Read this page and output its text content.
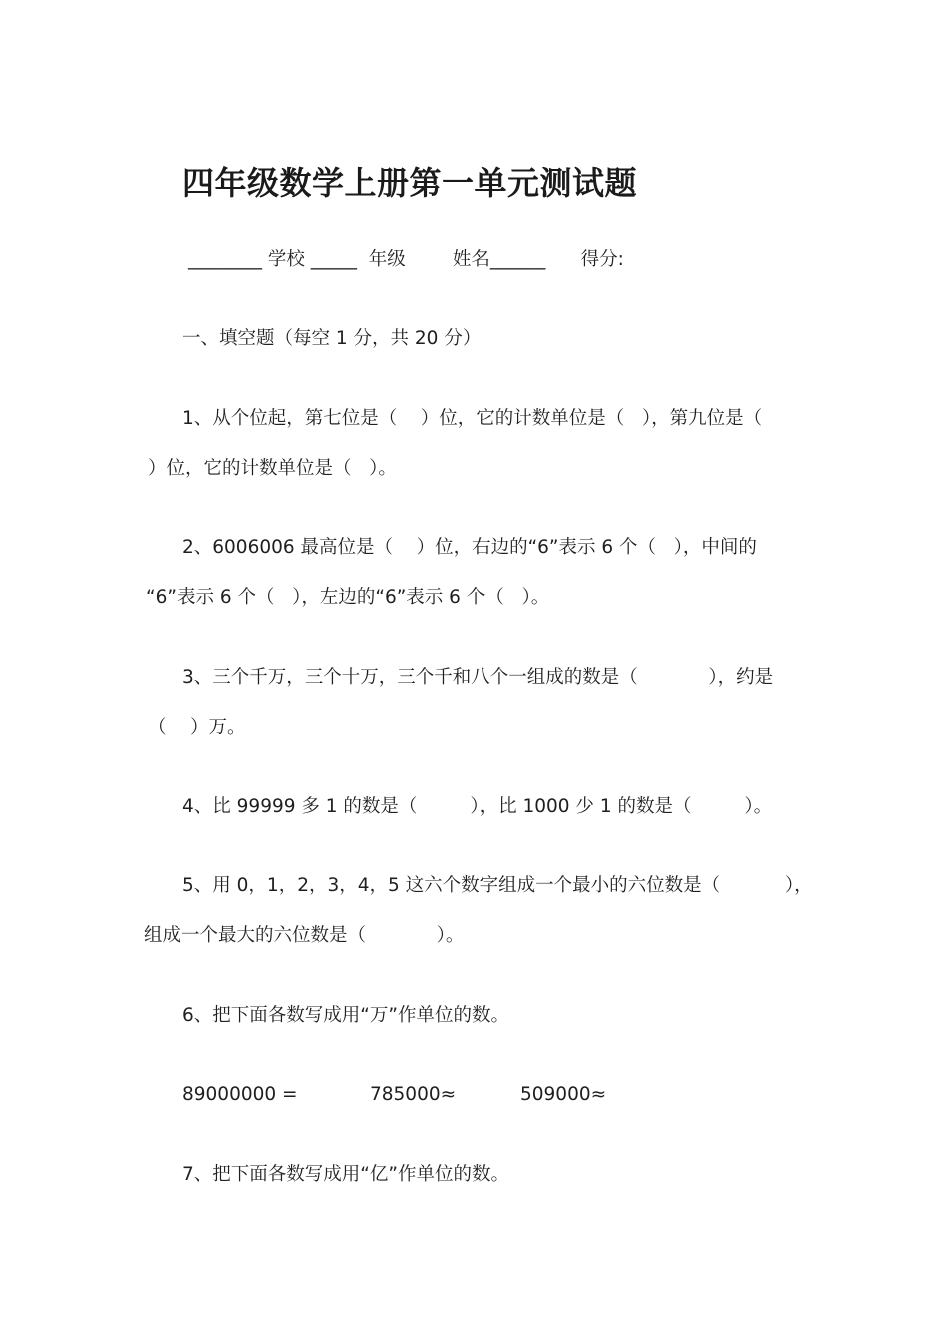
四年级数学上册第一单元测试题
________ 学校 _____  年级        姓名______      得分:
一、填空题（每空 1 分，共 20 分）
1、从个位起，第七位是（    ）位，它的计数单位是（   ），第九位是（
）位，它的计数单位是（   ）。
2、6006006 最高位是（    ）位，右边的“6”表示 6 个（   ），中间的
“6”表示 6 个（   ），左边的“6”表示 6 个（   ）。
3、三个千万，三个十万，三个千和八个一组成的数是（            ），约是
（    ）万。
4、比 99999 多 1 的数是（         ），比 1000 少 1 的数是（         ）。
5、用 0，1，2，3，4，5 这六个数字组成一个最小的六位数是（           ），
组成一个最大的六位数是（            ）。
6、把下面各数写成用“万”作单位的数。

89000000 =

	785000≈

	509000≈

7、把下面各数写成用“亿”作单位的数。
